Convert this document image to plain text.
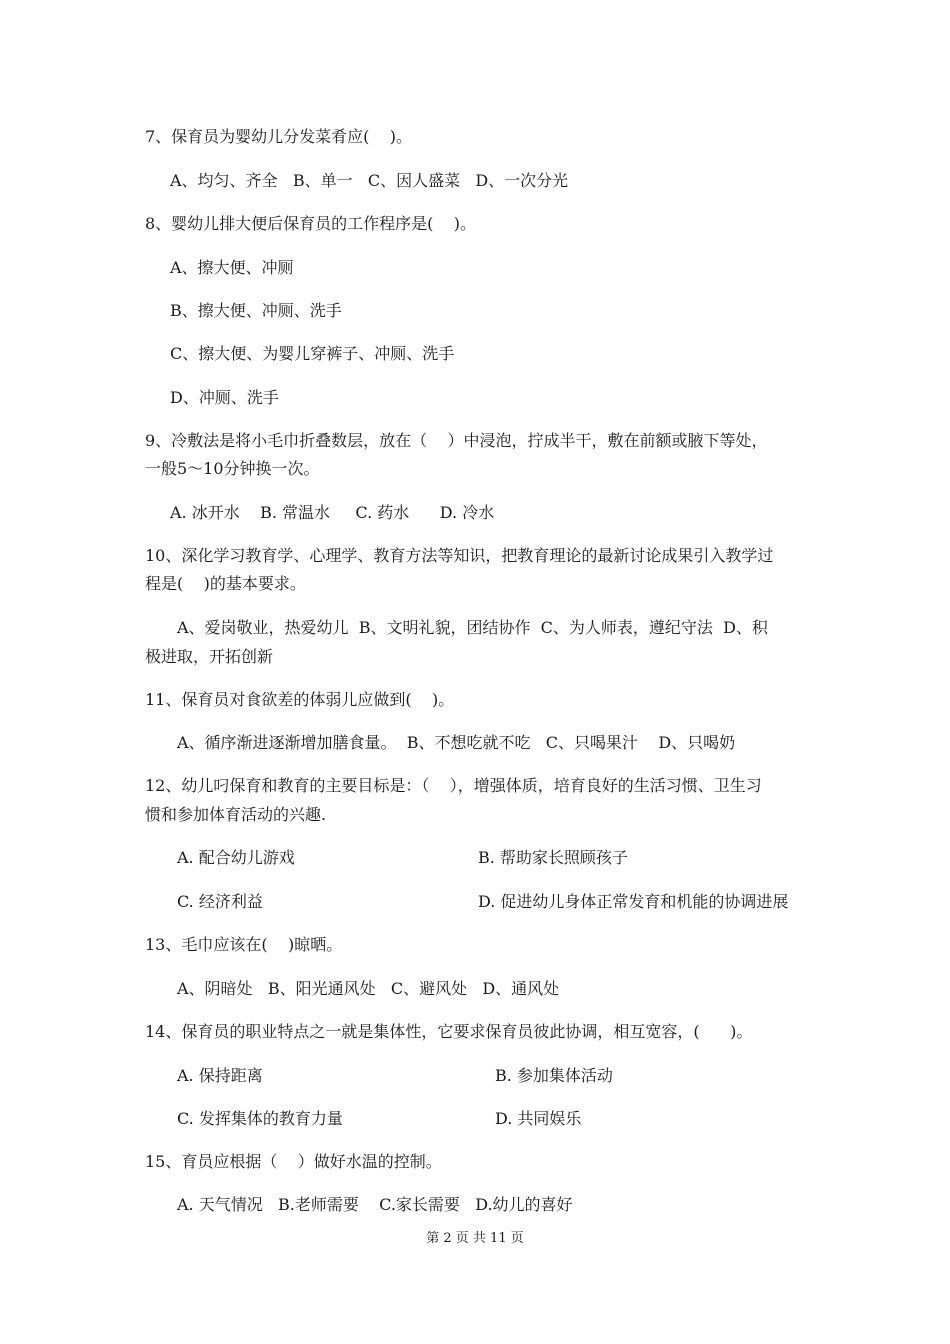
7、保育员为婴幼儿分发菜肴应(    )。
A、均匀、齐全   B、单一   C、因人盛菜   D、一次分光
8、婴幼儿排大便后保育员的工作程序是(    )。
A、擦大便、冲厕
B、擦大便、冲厕、洗手
C、擦大便、为婴儿穿裤子、冲厕、洗手
D、冲厕、洗手
9、冷敷法是将小毛巾折叠数层，放在（    ）中浸泡，拧成半干，敷在前额或腋下等处，
一般5～10分钟换一次。
A. 冰开水    B. 常温水     C. 药水      D. 冷水
10、深化学习教育学、心理学、教育方法等知识，把教育理论的最新讨论成果引入教学过
程是(    )的基本要求。
A、爱岗敬业，热爱幼儿  B、文明礼貌，团结协作  C、为人师表，遵纪守法  D、积
极进取，开拓创新
11、保育员对食欲差的体弱儿应做到(    )。
A、循序渐进逐渐增加膳食量。  B、不想吃就不吃   C、只喝果汁    D、只喝奶
12、幼儿叼保育和教育的主要目标是：（    ），增强体质，培育良好的生活习惯、卫生习
惯和参加体育活动的兴趣.
A. 配合幼儿游戏	B. 帮助家长照顾孩子
C. 经济利益	D. 促进幼儿身体正常发育和机能的协调进展
13、毛巾应该在(    )晾晒。
A、阴暗处   B、阳光通风处   C、避风处   D、通风处
14、保育员的职业特点之一就是集体性，它要求保育员彼此协调，相互宽容，(      )。
A. 保持距离	B. 参加集体活动
C. 发挥集体的教育力量	D. 共同娱乐
15、育员应根据（    ）做好水温的控制。
A. 天气情况   B.老师需要    C.家长需要   D.幼儿的喜好
第 2 页 共 11 页
